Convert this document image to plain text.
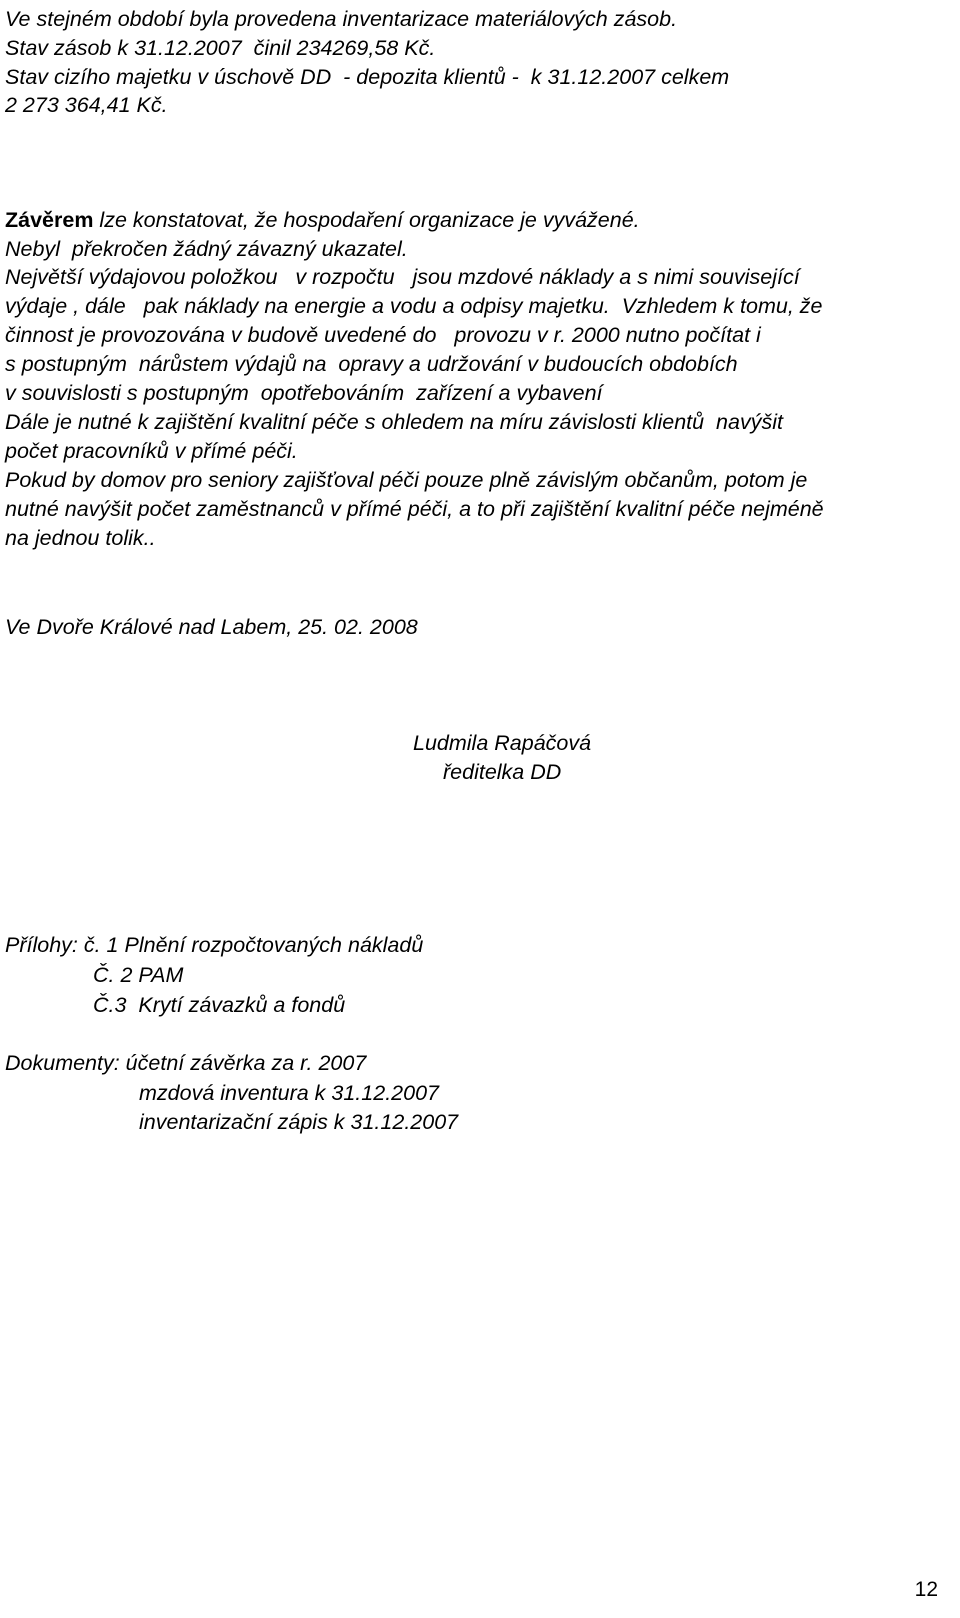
Ve stejném období byla provedena inventarizace materiálových zásob.
Stav zásob k 31.12.2007  činil 234269,58 Kč.
Stav cizího majetku v úschově DD  - depozita klientů -  k 31.12.2007 celkem
2 273 364,41 Kč.
Závěrem lze konstatovat, že hospodaření organizace je vyvážené.
Nebyl  překročen žádný závazný ukazatel.
Největší výdajovou položkou   v rozpočtu   jsou mzdové náklady a s nimi související
výdaje , dále   pak náklady na energie a vodu a odpisy majetku.  Vzhledem k tomu, že
činnost je provozována v budově uvedené do   provozu v r. 2000 nutno počítat i
s postupným  nárůstem výdajů na  opravy a udržování v budoucích obdobích
v souvislosti s postupným  opotřebováním  zařízení a vybavení
Dále je nutné k zajištění kvalitní péče s ohledem na míru závislosti klientů  navýšit
počet pracovníků v přímé péči.
Pokud by domov pro seniory zajišťoval péči pouze plně závislým občanům, potom je
nutné navýšit počet zaměstnanců v přímé péči, a to při zajištění kvalitní péče nejméně
na jednou tolik..
Ve Dvoře Králové nad Labem, 25. 02. 2008
Ludmila Rapáčová
ředitelka DD
Přílohy: č. 1 Plnění rozpočtovaných nákladů
Č. 2 PAM
Č.3  Krytí závazků a fondů
Dokumenty: účetní závěrka za r. 2007
mzdová inventura k 31.12.2007
inventarizační zápis k 31.12.2007
12
